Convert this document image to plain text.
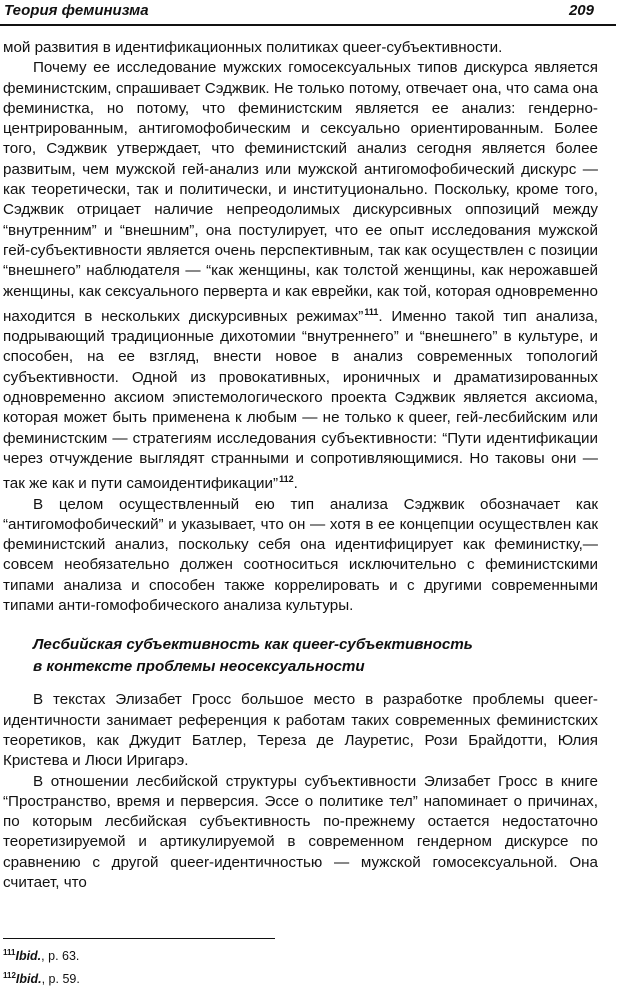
Теория феминизма	209

мой развития в идентификационных политиках queer-субъективности.

Почему ее исследование мужских гомосексуальных типов дискурса является феминистским, спрашивает Сэджвик. Не только потому, отвечает она, что сама она феминистка, но потому, что феминистским является ее анализ: гендерно-центрированным, антигомофобическим и сексуально ориентированным. Более того, Сэджвик утверждает, что феминистский анализ сегодня является более развитым, чем мужской гей-анализ или мужской антигомофобический дискурс — как теоретически, так и политически, и институционально. Поскольку, кроме того, Сэджвик отрицает наличие непреодолимых дискурсивных оппозиций между “внутренним” и “внешним”, она постулирует, что ее опыт исследования мужской гей-субъективности является очень перспективным, так как осуществлен с позиции “внешнего” наблюдателя — “как женщины, как толстой женщины, как нерожавшей женщины, как сексуального перверта и как еврейки, как той, которая одновременно находится в нескольких дискурсивных режимах”$^{111}$. Именно такой тип анализа, подрывающий традиционные дихотомии “внутреннего” и “внешнего” в культуре, и способен, на ее взгляд, внести новое в анализ современных топологий субъективности. Одной из провокативных, ироничных и драматизированных одновременно аксиом эпистемологического проекта Сэджвик является аксиома, которая может быть применена к любым — не только к queer, гей-лесбийским или феминистским — стратегиям исследования субъективности: “Пути идентификации через отчуждение выглядят странными и сопротивляющимися. Но таковы они — так же как и пути самоидентификации”$^{112}$.

В целом осуществленный ею тип анализа Сэджвик обозначает как “антигомофобический” и указывает, что он — хотя в ее концепции осуществлен как феминистский анализ, поскольку себя она идентифицирует как феминистку,— совсем необязательно должен соотноситься исключительно с феминистскими типами анализа и способен также коррелировать и с другими современными типами анти-гомофобического анализа культуры.

Лесбийская субъективность как queer-субъективность
в контексте проблемы неосексуальности

В текстах Элизабет Гросс большое место в разработке проблемы queer-идентичности занимает референция к работам таких современных феминистских теоретиков, как Джудит Батлер, Тереза де Лауретис, Рози Брайдотти, Юлия Кристева и Люси Иригарэ.

В отношении лесбийской структуры субъективности Элизабет Гросс в книге “Пространство, время и перверсия. Эссе о политике тел” напоминает о причинах, по которым лесбийская субъективность по-прежнему остается недостаточно теоретизируемой и артикулируемой в современном гендерном дискурсе по сравнению с другой queer-идентичностью — мужской гомосексуальной. Она считает, что

$^{111}$Ibid., p. 63.
$^{112}$Ibid., p. 59.
